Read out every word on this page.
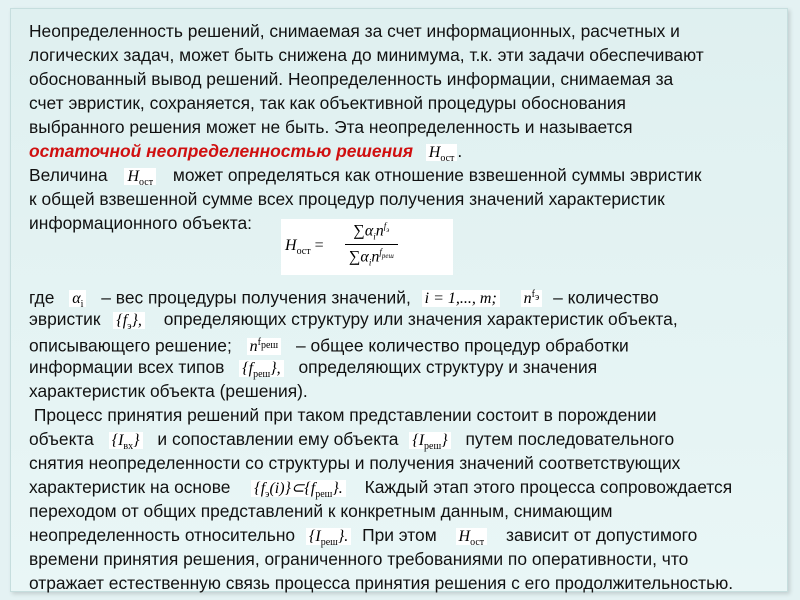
Неопределенность решений, снимаемая за счет информационных, расчетных и
логических задач, может быть снижена до минимума, т.к. эти задачи обеспечивают
обоснованный вывод решений. Неопределенность информации, снимаемая за
счет эвристик, сохраняется, так как объективной процедуры обоснования
выбранного решения может не быть. Эта неопределенность и называется
остаточной неопределенностью решения $H_{ост}$ .
Величина $H_{ост}$ может определяться как отношение взвешенной суммы эвристик
к общей взвешенной сумме всех процедур получения значений характеристик
информационного объекта:
$H_{ост}$ =
$\sum\alpha_in^{f_э}$
$\sum\alpha_in^{f_{реш}}$
где $\alpha_i$ – вес процедуры получения значений, i = 1,..., m; $n^{f_э}$ – количество
эвристик $\{f_э\}$, определяющих структуру или значения характеристик объекта,
описывающего решение; $n^{f_{реш}}$ – общее количество процедур обработки
информации всех типов $\{f_{реш}\}$, определяющих структуру и значения
характеристик объекта (решения).
Процесс принятия решений при таком представлении состоит в порождении
объекта $\{I_{вх}\}$ и сопоставлении ему объекта $\{I_{реш}\}$ путем последовательного
снятия неопределенности со структуры и получения значений соответствующих
характеристик на основе $\{f_э(i)\}\subset\{f_{реш}\}$. Каждый этап этого процесса сопровождается
переходом от общих представлений к конкретным данным, снимающим
неопределенность относительно $\{I_{реш}\}$. При этом $H_{ост}$ зависит от допустимого
времени принятия решения, ограниченного требованиями по оперативности, что
отражает естественную связь процесса принятия решения с его продолжительностью.
